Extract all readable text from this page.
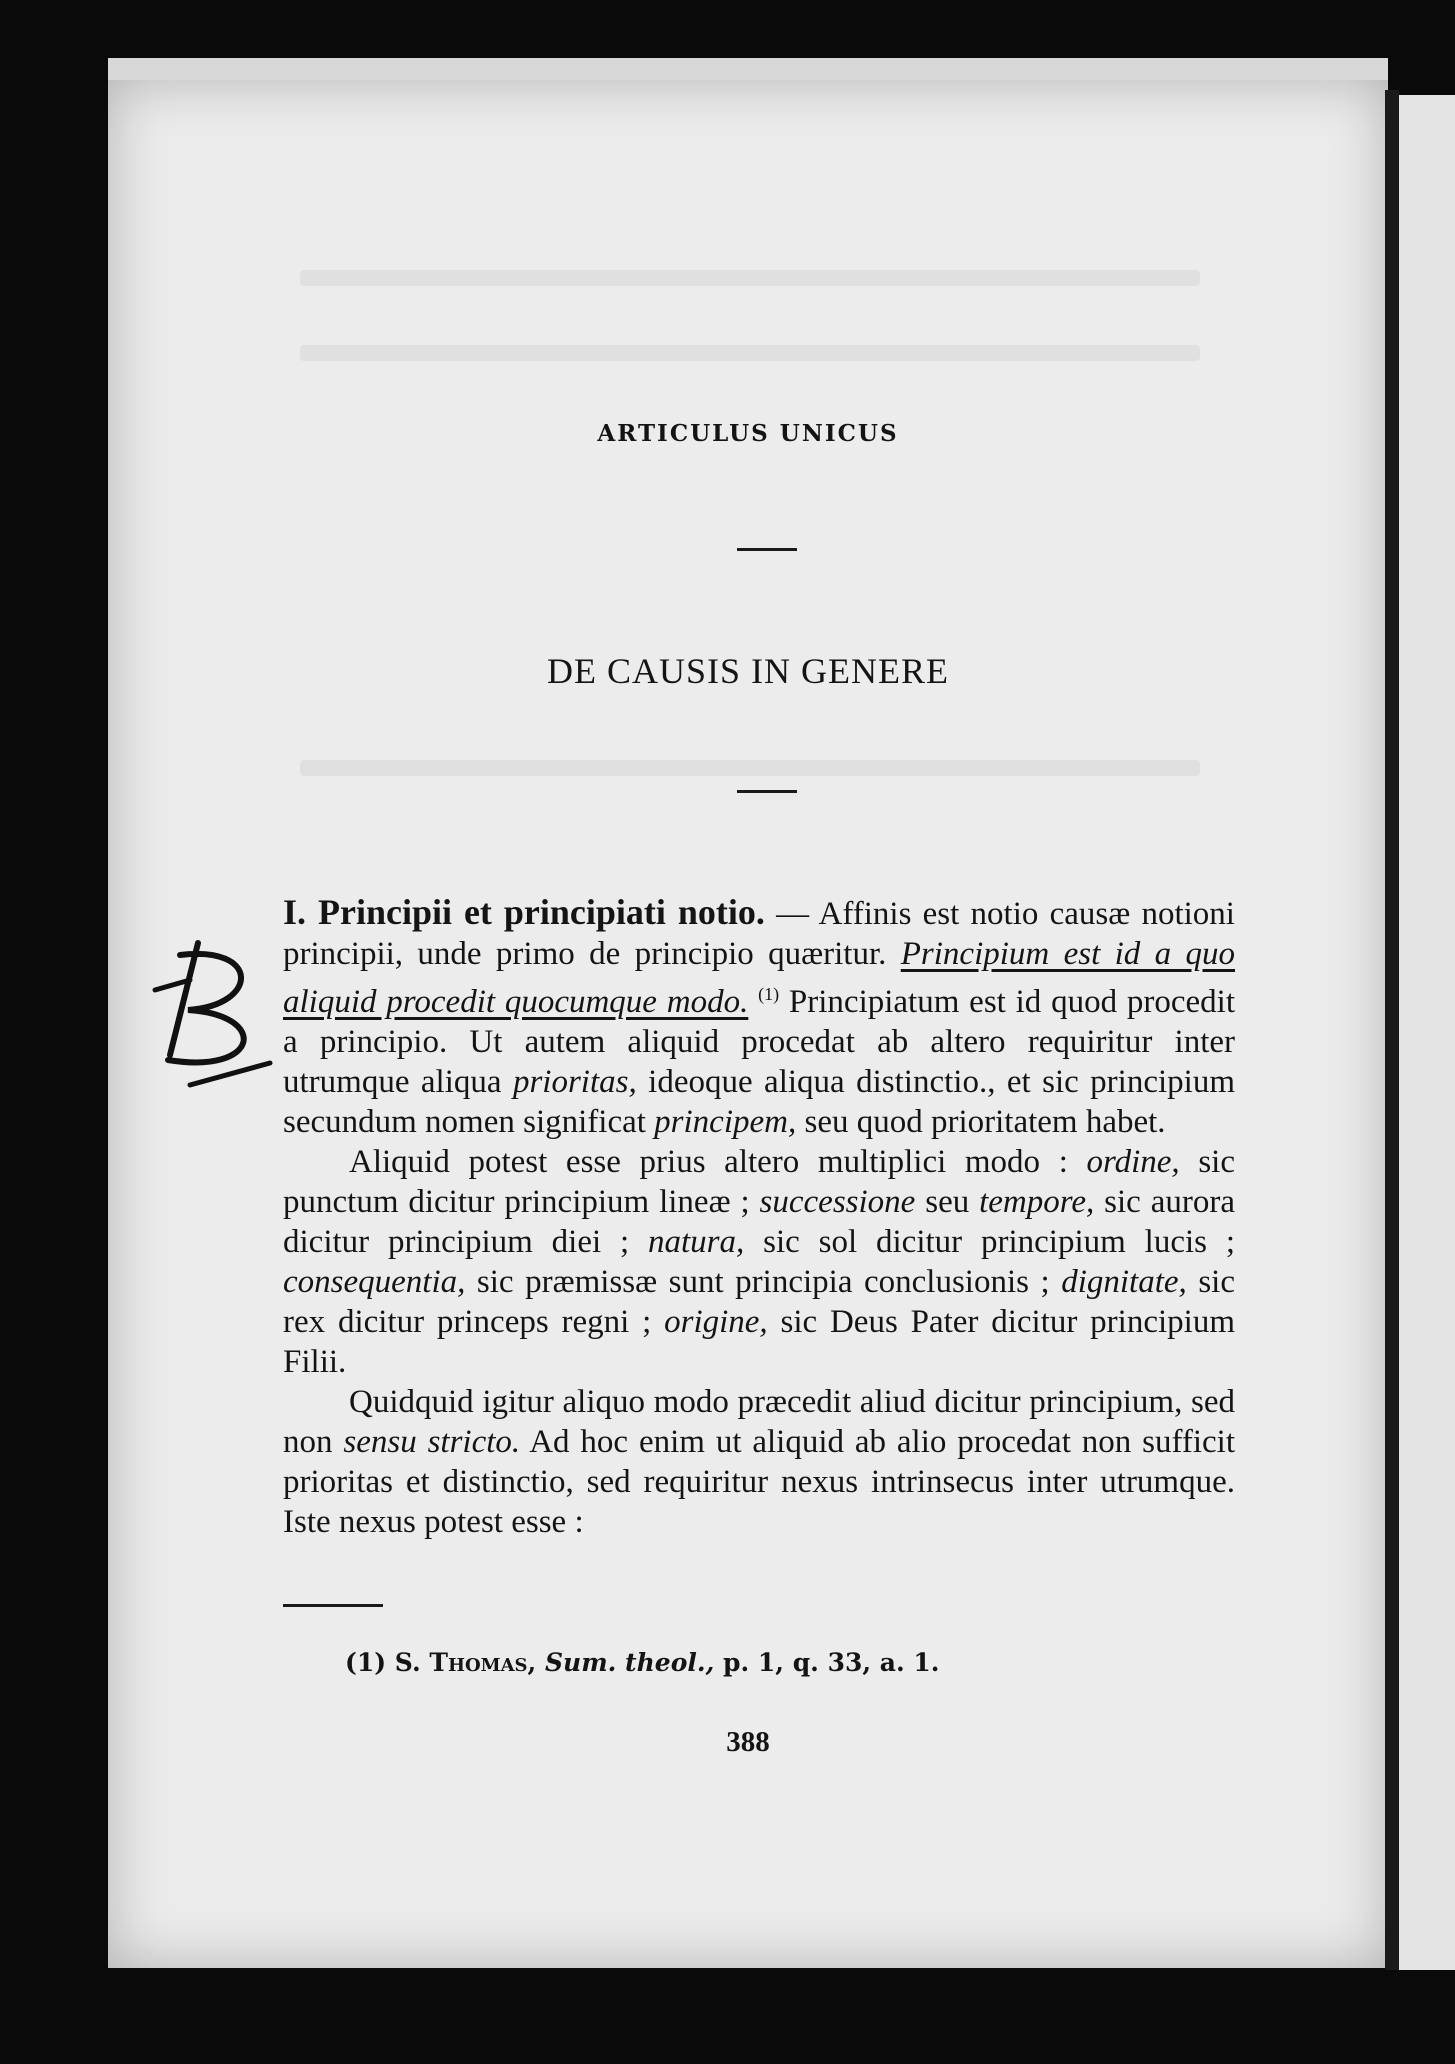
ARTICULUS UNICUS
DE CAUSIS IN GENERE

I. Principii et principiati notio. — Affinis est notio causæ notioni principii, unde primo de principio quæritur. Principium est id a quo aliquid procedit quocumque modo. $^{(1)}$ Principiatum est id quod procedit a principio. Ut autem aliquid procedat ab altero requiritur inter utrumque aliqua prioritas, ideoque aliqua distinctio., et sic principium secundum nomen significat principem, seu quod prioritatem habet.

Aliquid potest esse prius altero multiplici modo : ordine, sic punctum dicitur principium lineæ ; successione seu tempore, sic aurora dicitur principium diei ; natura, sic sol dicitur principium lucis ; consequentia, sic præmissæ sunt principia conclusionis ; dignitate, sic rex dicitur princeps regni ; origine, sic Deus Pater dicitur principium Filii.

Quidquid igitur aliquo modo præcedit aliud dicitur principium, sed non sensu stricto. Ad hoc enim ut aliquid ab alio procedat non sufficit prioritas et distinctio, sed requiritur nexus intrinsecus inter utrumque. Iste nexus potest esse :

(1) S. Thomas, Sum. theol., p. 1, q. 33, a. 1.
388
